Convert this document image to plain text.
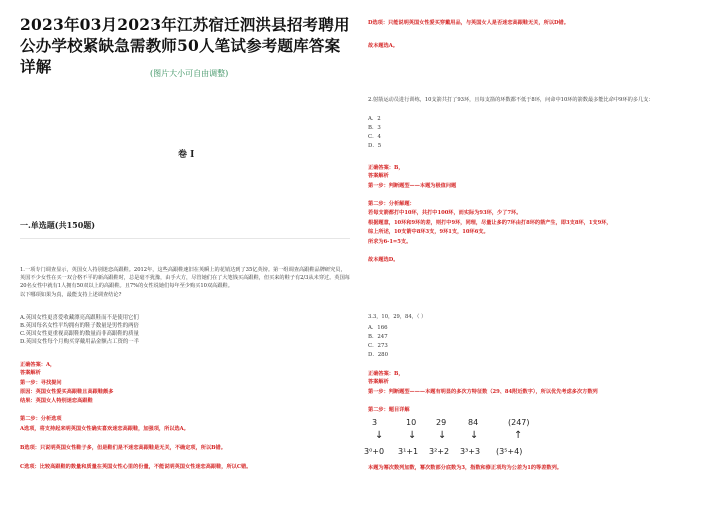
2023年03月2023年江苏宿迁泗洪县招考聘用公办学校紧缺急需教师50人笔试参考题库答案详解	(图片大小可自由调整)
卷 I
一.单选题(共150题)
1.一项专门调查显示，英国女人持别迷恋高跟鞋。2012年，这些高跟鞋速旧在英瞬上的花销达到了35亿英镑。第一组调查高跟鞋品牌研究员，英国不少女性在买一双合格不平的新高跟鞋时，总是毫不犹豫，由手大方，尽管她们在了大笔钱买高跟鞋，但买来的鞋子有2/3从未穿过。英国每20名女性中就有1人拥有50双以上的高跟鞋。且7%的女性说她们每年至少购买10双高跟鞋。
以下哪项如果为真，最能支持上述调查结论?
A.英国女性更喜爱收藏漂亮高跟鞋而不是使用它们
B.英国每名女性平均拥有的鞋子数量是男性的两倍
C.英国女性更重视高跟鞋的数量而非高跟鞋的质量
D.英国女性每个月购买穿戴用品金额占工资的一半
正确答案：A，
答案解析
第一步：寻找提问
原因：英国女性爱买高跟鞋且高跟鞋颇多
结果：英国女人特别迷恋高跟鞋
第二步：分析选项
A选项，将支持起来明英国女性确实喜欢迷恋高跟鞋，加强项，所以选A。
B选项：只说明英国女性鞋子多，但是鞋们是不迷恋高跟鞋是无关，不确定项，所以B错。
C选项：比较高跟鞋的数量和质量在英国女性心里的份量，不能说明英国女性迷恋高跟鞋，所以C错。
D选项：只能说明英国女性爱买穿戴用品，与英国女人是否迷恋高跟鞋无关，所以D错。
故本题选A。
2.射箭运动员进行训练，10支箭共打了93环，且每支箭的环数都不低于8环，问命中10环的箭数最多能比命中9环的多几支：
A．2
B．3
C．4
D．5
正确答案：B，
答案解析
第一步：判断题型——本题为极值问题
第二步：分析解题：
若每支箭都打中10环，共打中100环，而实际为93环，少了7环。
根据题意，10环和9环的差，则打中9环，同理，尽量让多的7环由打8环的箭产生，即3支8环，1支9环，
综上所述，10支箭中8环3支，9环1支，10环6支。
所求为6-1=5支。
故本题选D。
3.3，10，29，84，（ ）
A．166
B．247
C．273
D．280
正确答案：B，
答案解析
第一步：判断题型———本题有明显的多次方特征数（29、84附近数字），所以优先考虑多次方数列
第二步：题目详解
3	10 29	84	(247)
↓ ↓ ↓ ↓	↑
3⁰+0 3¹+1 3²+2 3³+3 (3⁵+4)
本题为幂次数列加数，幂次数部分底数为3，指数和修正项均为公差为1的等差数列。
